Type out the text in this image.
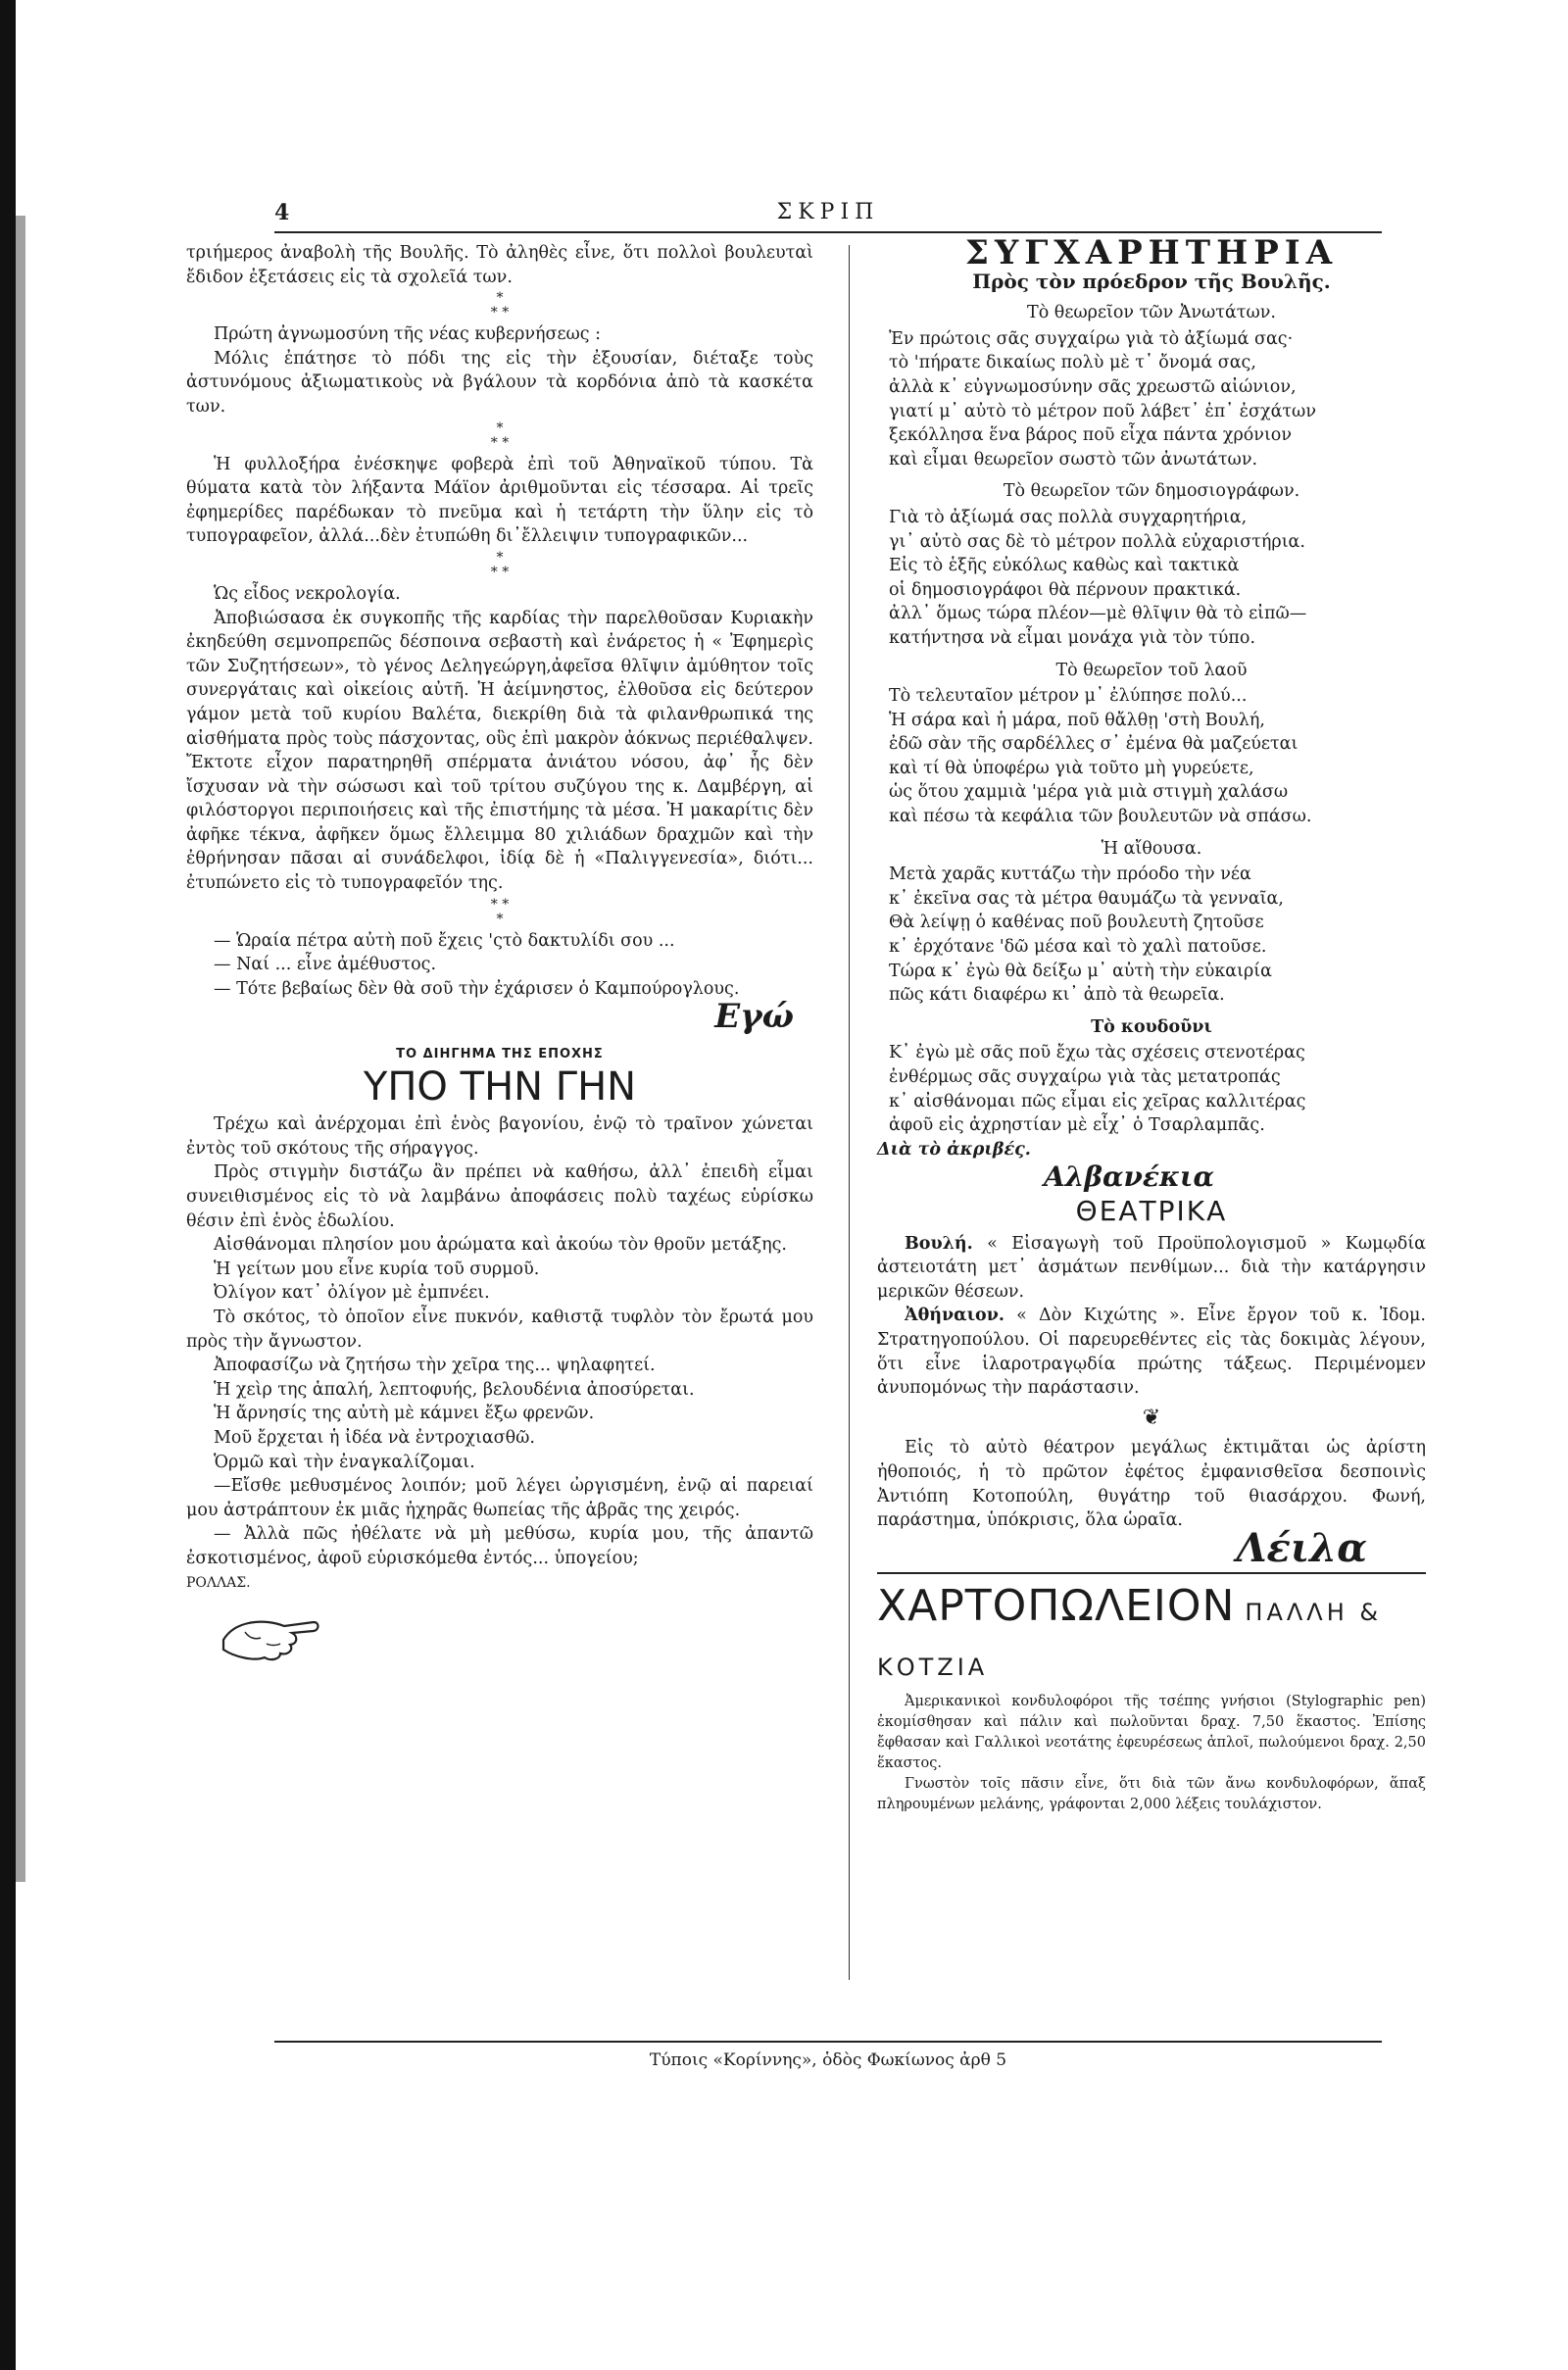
4	ΣΚΡΙΠ

τριήμερος ἀναβολὴ τῆς Βουλῆς. Τὸ ἀληθὲς εἶνε, ὅτι πολλοὶ βουλευταὶ ἔδιδον ἐξετάσεις εἰς τὰ σχολεῖά των.

*
* *

Πρώτη ἀγνωμοσύνη τῆς νέας κυβερνήσεως :

Μόλις ἐπάτησε τὸ πόδι της εἰς τὴν ἐξουσίαν, διέταξε τοὺς ἀστυνόμους ἀξιωματικοὺς νὰ βγάλουν τὰ κορδόνια ἀπὸ τὰ κασκέτα των.

*
* *

Ἡ φυλλοξήρα ἐνέσκηψε φοβερὰ ἐπὶ τοῦ Ἀθηναϊκοῦ τύπου. Τὰ θύματα κατὰ τὸν λήξαντα Μάϊον ἀριθμοῦνται εἰς τέσσαρα. Αἱ τρεῖς ἐφημερίδες παρέδωκαν τὸ πνεῦμα καὶ ἡ τετάρτη τὴν ὕλην εἰς τὸ τυπογραφεῖον, ἀλλά...δὲν ἐτυπώθη δι᾽ἔλλειψιν τυπογραφικῶν...

*
* *

Ὡς εἶδος νεκρολογία.

Ἀποβιώσασα ἐκ συγκοπῆς τῆς καρδίας τὴν παρελθοῦσαν Κυριακὴν ἐκηδεύθη σεμνοπρεπῶς δέσποινα σεβαστὴ καὶ ἐνάρετος ἡ « Ἐφημερὶς τῶν Συζητήσεων», τὸ γένος Δεληγεώργη,ἀφεῖσα θλῖψιν ἀμύθητον τοῖς συνεργάταις καὶ οἰκείοις αὐτῆ. Ἡ ἀείμνηστος, ἐλθοῦσα εἰς δεύτερον γάμον μετὰ τοῦ κυρίου Βαλέτα, διεκρίθη διὰ τὰ φιλανθρωπικά της αἰσθήματα πρὸς τοὺς πάσχοντας, οὓς ἐπὶ μακρὸν ἀόκνως περιέθαλψεν. Ἔκτοτε εἶχον παρατηρηθῆ σπέρματα ἀνιάτου νόσου, ἀφ᾽ ἧς δὲν ἴσχυσαν νὰ τὴν σώσωσι καὶ τοῦ τρίτου συζύγου της κ. Δαμβέργη, αἱ φιλόστοργοι περιποιήσεις καὶ τῆς ἐπιστήμης τὰ μέσα. Ἡ μακαρίτις δὲν ἀφῆκε τέκνα, ἀφῆκεν ὅμως ἔλλειμμα 80 χιλιάδων δραχμῶν καὶ τὴν ἐθρήνησαν πᾶσαι αἱ συνάδελφοι, ἰδίᾳ δὲ ἡ «Παλιγγενεσία», διότι... ἐτυπώνετο εἰς τὸ τυπογραφεῖόν της.

* *
*

— Ὡραία πέτρα αὐτὴ ποῦ ἔχεις 'ςτὸ δακτυλίδι σου ...

— Ναί ... εἶνε ἀμέθυστος.

— Τότε βεβαίως δὲν θὰ σοῦ τὴν ἐχάρισεν ὁ Καμπούρογλους.

Εγώ
ΤΟ ΔΙΗΓΗΜΑ ΤΗΣ ΕΠΟΧΗΣ
ΥΠΟ ΤΗΝ ΓΗΝ

Τρέχω καὶ ἀνέρχομαι ἐπὶ ἑνὸς βαγονίου, ἐνῷ τὸ τραῖνον χώνεται ἐντὸς τοῦ σκότους τῆς σήραγγος.

Πρὸς στιγμὴν διστάζω ἂν πρέπει νὰ καθήσω, ἀλλ᾽ ἐπειδὴ εἶμαι συνειθισμένος εἰς τὸ νὰ λαμβάνω ἀποφάσεις πολὺ ταχέως εὑρίσκω θέσιν ἐπὶ ἑνὸς ἑδωλίου.

Αἰσθάνομαι πλησίον μου ἀρώματα καὶ ἀκούω τὸν θροῦν μετάξης.

Ἡ γείτων μου εἶνε κυρία τοῦ συρμοῦ.

Ὀλίγον κατ᾽ ὀλίγον μὲ ἐμπνέει.

Τὸ σκότος, τὸ ὁποῖον εἶνε πυκνόν, καθιστᾷ τυφλὸν τὸν ἔρωτά μου πρὸς τὴν ἄγνωστον.

Ἀποφασίζω νὰ ζητήσω τὴν χεῖρα της... ψηλαφητεί.

Ἡ χεὶρ της ἁπαλή, λεπτοφυής, βελουδένια ἀποσύρεται.

Ἡ ἄρνησίς της αὐτὴ μὲ κάμνει ἔξω φρενῶν.

Μοῦ ἔρχεται ἡ ἰδέα νὰ ἐντροχιασθῶ.

Ὁρμῶ καὶ τὴν ἐναγκαλίζομαι.

—Εἴσθε μεθυσμένος λοιπόν; μοῦ λέγει ὠργισμένη, ἐνῷ αἱ παρειαί μου ἀστράπτουν ἐκ μιᾶς ἠχηρᾶς θωπείας τῆς ἁβρᾶς της χειρός.

— Ἀλλὰ πῶς ἠθέλατε νὰ μὴ μεθύσω, κυρία μου, τῆς ἀπαντῶ ἐσκοτισμένος, ἀφοῦ εὑρισκόμεθα ἐντός... ὑπογείου;

ΡΟΛΛΑΣ.

ΣΥΓΧΑΡΗΤΗΡΙΑ
Πρὸς τὸν πρόεδρον τῆς Βουλῆς.
Τὸ θεωρεῖον τῶν Ἀνωτάτων.

Ἐν πρώτοις σᾶς συγχαίρω γιὰ τὸ ἀξίωμά σας·

τὸ 'πήρατε δικαίως πολὺ μὲ τ᾽ ὄνομά σας,

ἀλλὰ κ᾽ εὐγνωμοσύνην σᾶς χρεωστῶ αἰώνιον,

γιατί μ᾽ αὐτὸ τὸ μέτρον ποῦ λάβετ᾽ ἐπ᾽ ἐσχάτων

ξεκόλλησα ἕνα βάρος ποῦ εἶχα πάντα χρόνιον

καὶ εἶμαι θεωρεῖον σωστὸ τῶν ἀνωτάτων.

Τὸ θεωρεῖον τῶν δημοσιογράφων.

Γιὰ τὸ ἀξίωμά σας πολλὰ συγχαρητήρια,

γι᾽ αὐτὸ σας δὲ τὸ μέτρον πολλὰ εὐχαριστήρια.

Εἰς τὸ ἑξῆς εὐκόλως καθὼς καὶ τακτικὰ

οἱ δημοσιογράφοι θὰ πέρνουν πρακτικά.

ἀλλ᾽ ὅμως τώρα πλέον—μὲ θλῖψιν θὰ τὸ εἰπῶ—

κατήντησα νὰ εἶμαι μονάχα γιὰ τὸν τύπο.

Τὸ θεωρεῖον τοῦ λαοῦ

Τὸ τελευταῖον μέτρον μ᾽ ἐλύπησε πολύ...

Ἡ σάρα καὶ ἡ μάρα, ποῦ θἄλθῃ 'στὴ Βουλή,

ἐδῶ σὰν τῆς σαρδέλλες σ᾽ ἐμένα θὰ μαζεύεται

καὶ τί θὰ ὑποφέρω γιὰ τοῦτο μὴ γυρεύετε,

ὡς ὅτου χαμμιὰ 'μέρα γιὰ μιὰ στιγμὴ χαλάσω

καὶ πέσω τὰ κεφάλια τῶν βουλευτῶν νὰ σπάσω.

Ἡ αἴθουσα.

Μετὰ χαρᾶς κυττάζω τὴν πρόοδο τὴν νέα

κ᾽ ἐκεῖνα σας τὰ μέτρα θαυμάζω τὰ γενναῖα,

Θὰ λείψῃ ὁ καθένας ποῦ βουλευτὴ ζητοῦσε

κ᾽ ἐρχότανε 'δῶ μέσα καὶ τὸ χαλὶ πατοῦσε.

Τώρα κ᾽ ἐγὼ θὰ δείξω μ᾽ αὐτὴ τὴν εὐκαιρία

πῶς κάτι διαφέρω κι᾽ ἀπὸ τὰ θεωρεῖα.

Τὸ κουδοῦνι

Κ᾽ ἐγὼ μὲ σᾶς ποῦ ἔχω τὰς σχέσεις στενοτέρας

ἐνθέρμως σᾶς συγχαίρω γιὰ τὰς μετατροπάς

κ᾽ αἰσθάνομαι πῶς εἶμαι εἰς χεῖρας καλλιτέρας

ἀφοῦ εἰς ἀχρηστίαν μὲ εἶχ᾽ ὁ Τσαρλαμπᾶς.

Διὰ τὸ ἀκριβές.

Αλβανέκια
ΘΕΑΤΡΙΚΑ

Βουλή. « Εἰσαγωγὴ τοῦ Προϋπολογισμοῦ » Κωμῳδία ἀστειοτάτη μετ᾽ ἀσμάτων πενθίμων... διὰ τὴν κατάργησιν μερικῶν θέσεων.

Ἀθήναιον. « Δὸν Κιχώτης ». Εἶνε ἔργον τοῦ κ. Ἰδομ. Στρατηγοπούλου. Οἱ παρευρεθέντες εἰς τὰς δοκιμὰς λέγουν, ὅτι εἶνε ἱλαροτραγῳδία πρώτης τάξεως. Περιμένομεν ἀνυπομόνως τὴν παράστασιν.

❦

Εἰς τὸ αὐτὸ θέατρον μεγάλως ἐκτιμᾶται ὡς ἀρίστη ἠθοποιός, ἡ τὸ πρῶτον ἐφέτος ἐμφανισθεῖσα δεσποινὶς Ἀντιόπη Κοτοπούλη, θυγάτηρ τοῦ θιασάρχου. Φωνή, παράστημα, ὑπόκρισις, ὅλα ὡραῖα.

Λέιλα
ΧΑΡΤΟΠΩΛΕΙΟΝ ΠΑΛΛΗ & ΚΟΤΖΙΑ

Ἀμερικανικοὶ κονδυλοφόροι τῆς τσέπης γνήσιοι (Stylographic pen) ἐκομίσθησαν καὶ πάλιν καὶ πωλοῦνται δραχ. 7,50 ἕκαστος. Ἐπίσης ἔφθασαν καὶ Γαλλικοὶ νεοτάτης ἐφευρέσεως ἁπλοῖ, πωλούμενοι δραχ. 2,50 ἕκαστος.

Γνωστὸν τοῖς πᾶσιν εἶνε, ὅτι διὰ τῶν ἄνω κονδυλοφόρων, ἅπαξ πληρουμένων μελάνης, γράφονται 2,000 λέξεις τουλάχιστον.

Τύποις «Κορίννης», ὁδὸς Φωκίωνος ἀρθ 5
